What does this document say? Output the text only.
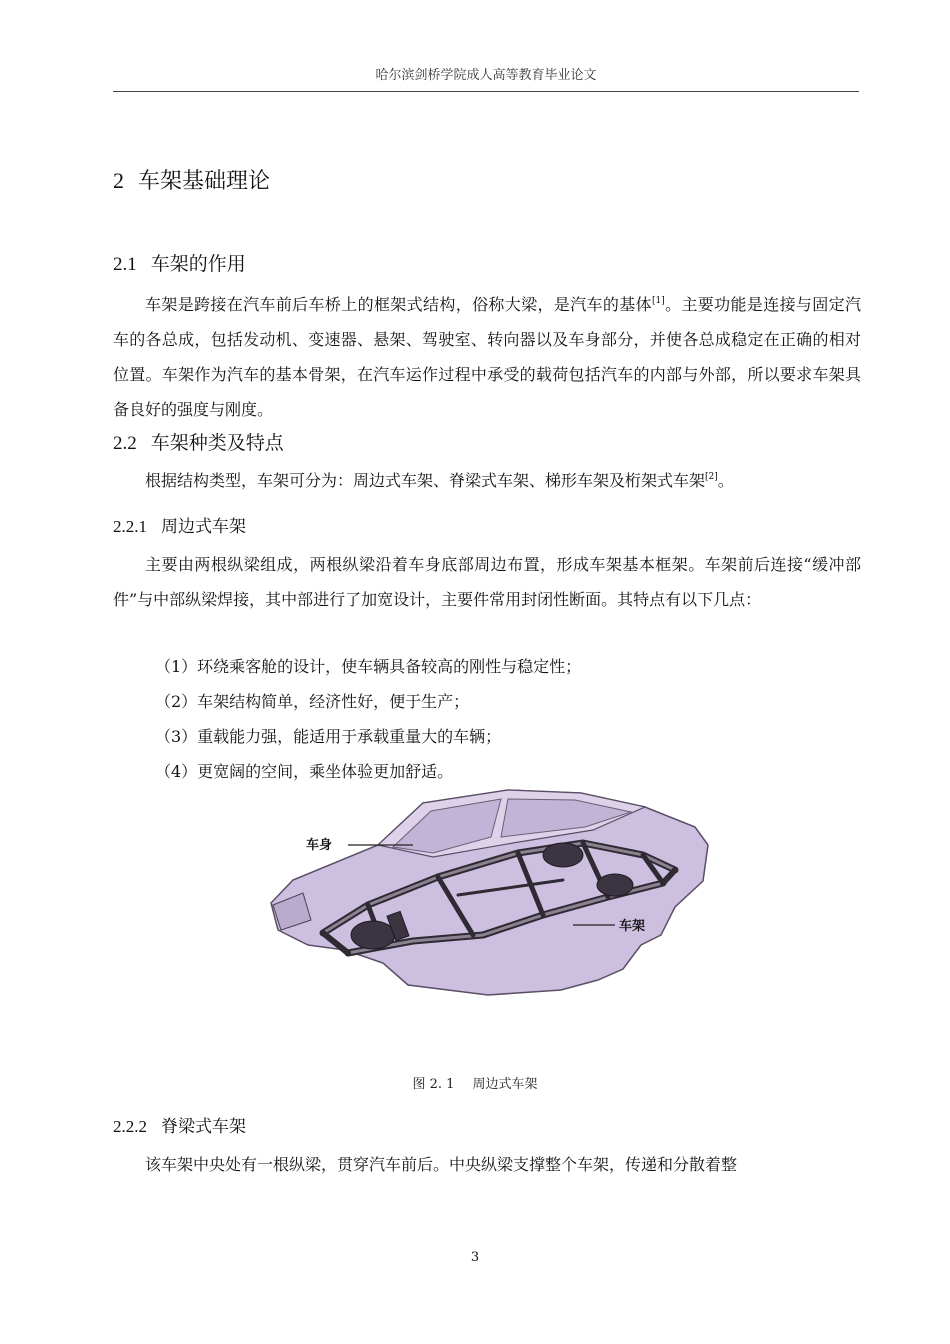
哈尔滨剑桥学院成人高等教育毕业论文
2 车架基础理论
2.1 车架的作用

车架是跨接在汽车前后车桥上的框架式结构，俗称大梁，是汽车的基体[1]。主要功能是连接与固定汽车的各总成，包括发动机、变速器、悬架、驾驶室、转向器以及车身部分，并使各总成稳定在正确的相对位置。车架作为汽车的基本骨架，在汽车运作过程中承受的载荷包括汽车的内部与外部，所以要求车架具备良好的强度与刚度。

2.2 车架种类及特点

根据结构类型，车架可分为：周边式车架、脊梁式车架、梯形车架及桁架式车架[2]。

2.2.1 周边式车架

主要由两根纵梁组成，两根纵梁沿着车身底部周边布置，形成车架基本框架。车架前后连接“缓冲部件”与中部纵梁焊接，其中部进行了加宽设计，主要件常用封闭性断面。其特点有以下几点：

（1）环绕乘客舱的设计，使车辆具备较高的刚性与稳定性；
（2）车架结构简单，经济性好，便于生产；
（3）重载能力强，能适用于承载重量大的车辆；
（4）更宽阔的空间，乘坐体验更加舒适。
车身
车架
图 2. 1 周边式车架
2.2.2 脊梁式车架

该车架中央处有一根纵梁，贯穿汽车前后。中央纵梁支撑整个车架，传递和分散着整

3
